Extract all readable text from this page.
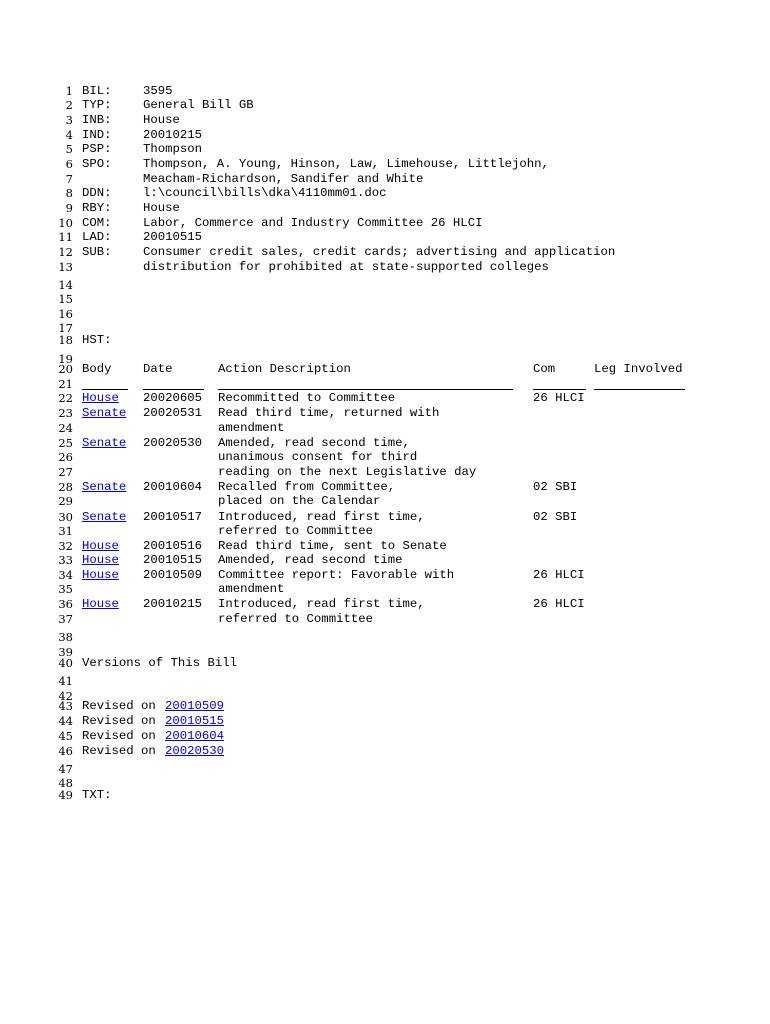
1 BIL:	3595
2 TYP:	General Bill GB
3 INB:	House
4 IND:	20010215
5 PSP:	Thompson
6 SPO:	Thompson, A. Young, Hinson, Law, Limehouse, Littlejohn,
7	Meacham-Richardson, Sandifer and White
8 DDN:	l:\council\bills\dka\4110mm01.doc
9 RBY:	House
10 COM:	Labor, Commerce and Industry Committee 26 HLCI
11 LAD:	20010515
12 SUB:	Consumer credit sales, credit cards; advertising and application
13	distribution for prohibited at state-supported colleges
14
15
16
17
18 HST:
19
20 Body	Date	Action Description	Com	Leg Involved
21
22 House 20020605 Recommitted to Committee	26 HLCI
23 Senate 20020531 Read third time, returned with
24	amendment
25 Senate 20020530 Amended, read second time,
26	unanimous consent for third
27	reading on the next Legislative day
28 Senate 20010604 Recalled from Committee,	02 SBI
29	placed on the Calendar
30 Senate 20010517 Introduced, read first time,	02 SBI
31	referred to Committee
32 House 20010516 Read third time, sent to Senate
33 House 20010515 Amended, read second time
34 House 20010509 Committee report: Favorable with	26 HLCI
35	amendment
36 House 20010215 Introduced, read first time,	26 HLCI
37	referred to Committee
38
39
40 Versions of This Bill
41
42
43 Revised on 20010509
44 Revised on 20010515
45 Revised on 20010604
46 Revised on 20020530
47
48
49 TXT:
